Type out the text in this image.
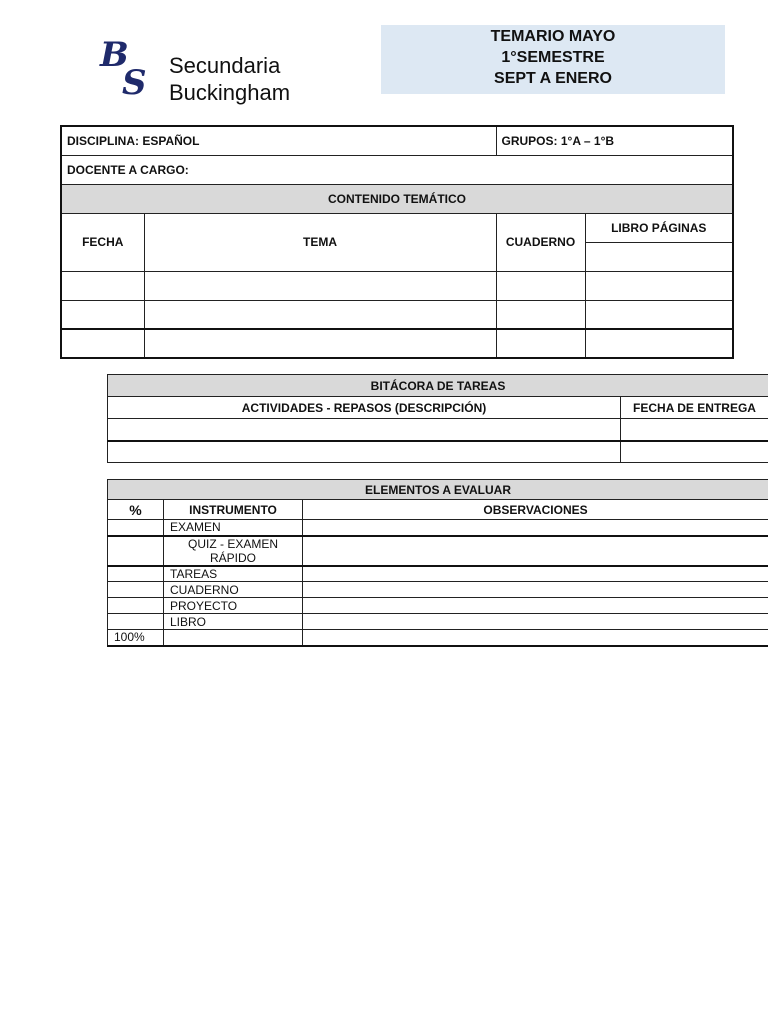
B
S Secundaria
Buckingham
TEMARIO MAYO
1°SEMESTRE
SEPT A ENERO
DISCIPLINA: ESPAÑOL		GRUPOS: 1°A – 1°B	
DOCENTE A CARGO:			
CONTENIDO TEMÁTICO			
FECHA	TEMA	CUADERNO	LIBRO PÁGINAS

BITÁCORA DE TAREAS	
ACTIVIDADES - REPASOS (DESCRIPCIÓN)	FECHA DE ENTREGA

ELEMENTOS A EVALUAR		
%	INSTRUMENTO	OBSERVACIONES
	EXAMEN	
	QUIZ - EXAMEN RÁPIDO	
	TAREAS	
	CUADERNO	
	PROYECTO	
	LIBRO	
100%		
